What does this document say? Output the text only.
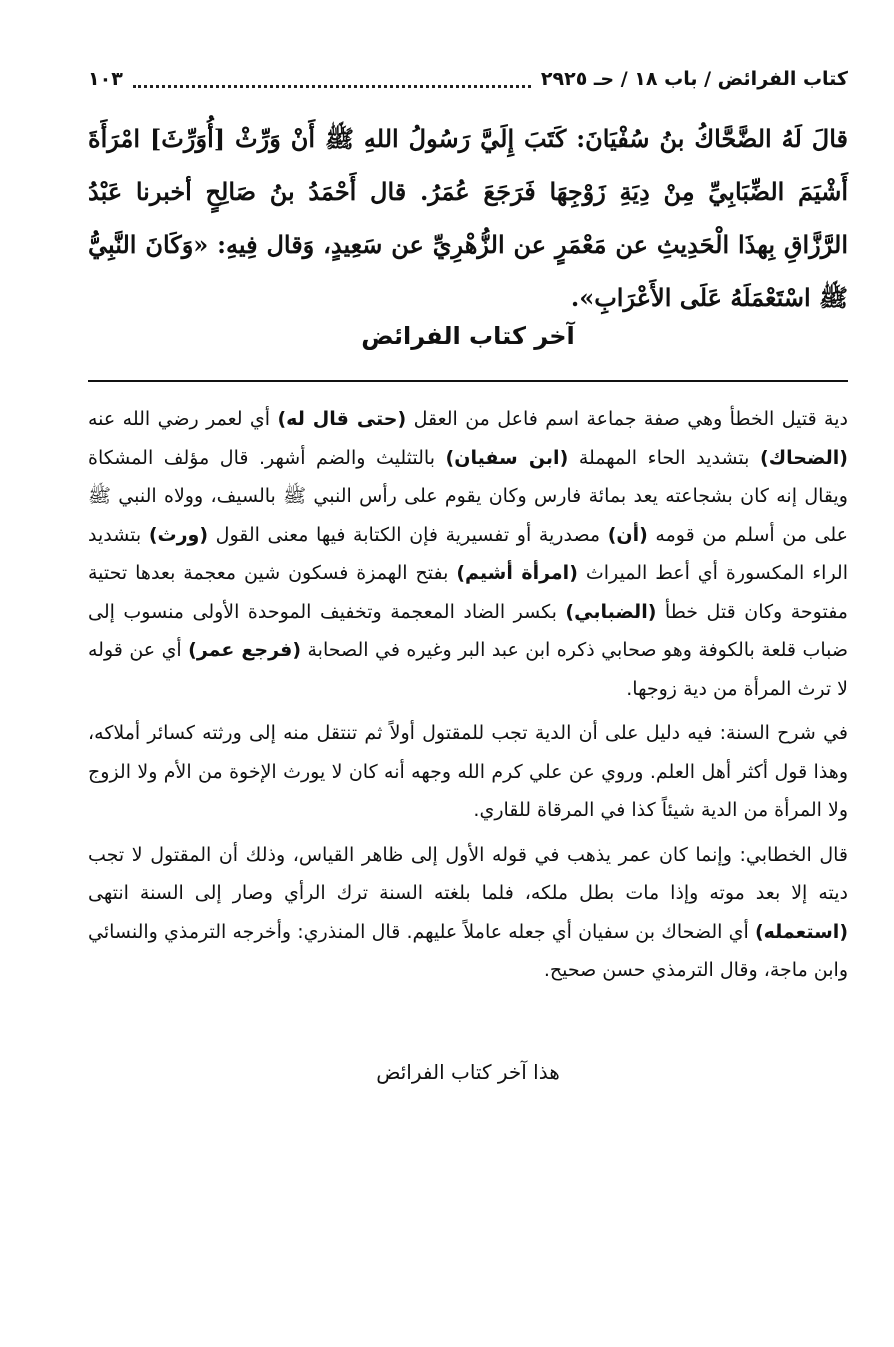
كتاب الفرائض / باب ١٨ / حـ ٢٩٢٥
١٠٣
قالَ لَهُ الضَّحَّاكُ بنُ سُفْيَانَ: كَتَبَ إِلَيَّ رَسُولُ اللهِ ﷺ أَنْ وَرِّثْ [أُوَرِّثَ] امْرَأَةَ أَشْيَمَ الضِّبَابِيِّ مِنْ دِيَةِ زَوْجِهَا فَرَجَعَ عُمَرُ. قال أَحْمَدُ بنُ صَالِحٍ أخبرنا عَبْدُ الرَّزَّاقِ بِهذَا الْحَدِيثِ عن مَعْمَرٍ عن الزُّهْرِيِّ عن سَعِيدٍ، وَقال فِيهِ: «وَكَانَ النَّبِيُّ ﷺ اسْتَعْمَلَهُ عَلَى الأَعْرَابِ».
آخر كتاب الفرائض

دية قتيل الخطأ وهي صفة جماعة اسم فاعل من العقل (حتى قال له) أي لعمر رضي الله عنه (الضحاك) بتشديد الحاء المهملة (ابن سفيان) بالتثليث والضم أشهر. قال مؤلف المشكاة ويقال إنه كان بشجاعته يعد بمائة فارس وكان يقوم على رأس النبي ﷺ بالسيف، وولاه النبي ﷺ على من أسلم من قومه (أن) مصدرية أو تفسيرية فإن الكتابة فيها معنى القول (ورث) بتشديد الراء المكسورة أي أعط الميراث (امرأة أشيم) بفتح الهمزة فسكون شين معجمة بعدها تحتية مفتوحة وكان قتل خطأ (الضبابي) بكسر الضاد المعجمة وتخفيف الموحدة الأولى منسوب إلى ضباب قلعة بالكوفة وهو صحابي ذكره ابن عبد البر وغيره في الصحابة (فرجع عمر) أي عن قوله لا ترث المرأة من دية زوجها.

في شرح السنة: فيه دليل على أن الدية تجب للمقتول أولاً ثم تنتقل منه إلى ورثته كسائر أملاكه، وهذا قول أكثر أهل العلم. وروي عن علي كرم الله وجهه أنه كان لا يورث الإخوة من الأم ولا الزوج ولا المرأة من الدية شيئاً كذا في المرقاة للقاري.

قال الخطابي: وإنما كان عمر يذهب في قوله الأول إلى ظاهر القياس، وذلك أن المقتول لا تجب ديته إلا بعد موته وإذا مات بطل ملكه، فلما بلغته السنة ترك الرأي وصار إلى السنة انتهى (استعمله) أي الضحاك بن سفيان أي جعله عاملاً عليهم. قال المنذري: وأخرجه الترمذي والنسائي وابن ماجة، وقال الترمذي حسن صحيح.

هذا آخر كتاب الفرائض
